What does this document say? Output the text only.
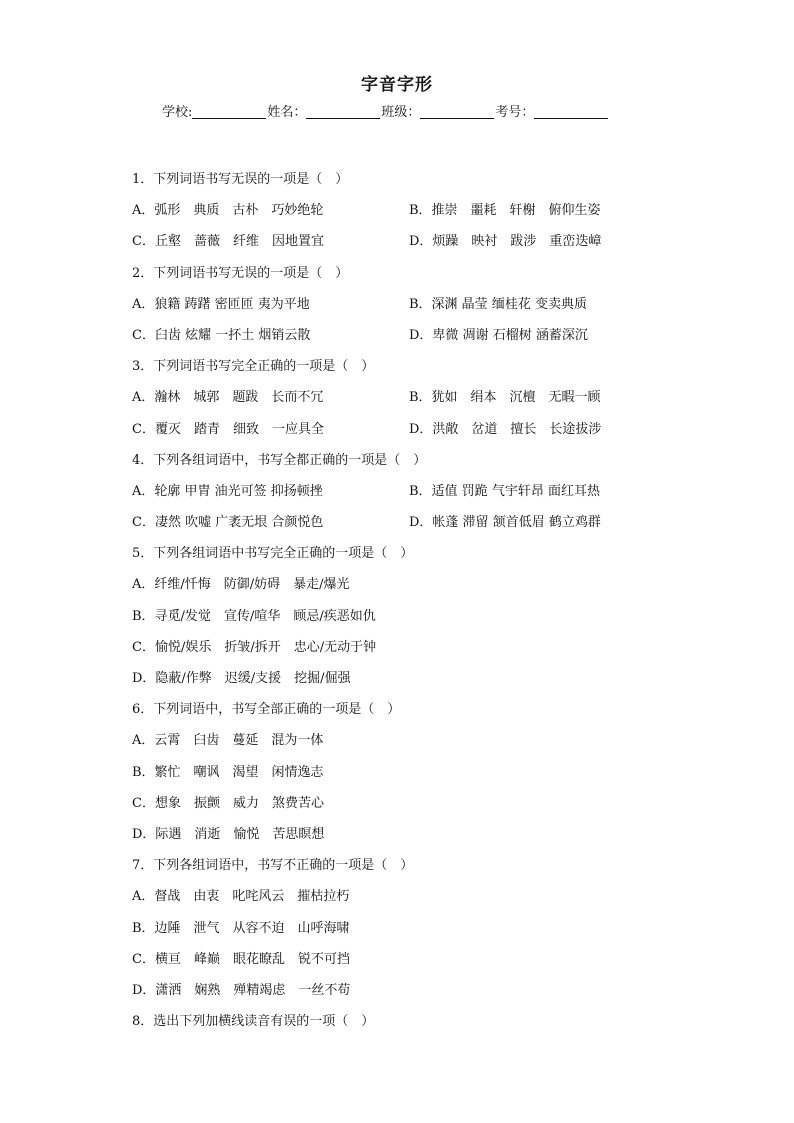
字音字形
学校:	姓名：	班级：	考号：
1．下列词语书写无误的一项是（　）
A．弧形　典质　古朴　巧妙绝轮	B．推崇　噩耗　轩榭　俯仰生姿
C．丘壑　蔷薇　纤维　因地置宜	D．烦躁　映衬　跋涉　重峦迭嶂
2．下列词语书写无误的一项是（　）
A．狼籍 踌躇 密匝匝 夷为平地	B．深渊 晶莹 缅桂花 变卖典质
C．臼齿 炫耀 一抔土 烟销云散	D．卑微 凋谢 石榴树 涵蓄深沉
3．下列词语书写完全正确的一项是（　）
A．瀚林　城郭　题跋　长而不冗	B．犹如　绢本　沉檀　无暇一顾
C．覆灭　踏青　细致　一应具全	D．洪敞　岔道　擅长　长途拔涉
4．下列各组词语中，书写全都正确的一项是（　）
A．轮廓 甲胄 油光可签 抑扬顿挫	B．适值 罚跪 气宇轩昂 面红耳热
C．凄然 吹嘘 广袤无垠 合颜悦色	D．帐蓬 滞留 颔首低眉 鹤立鸡群
5．下列各组词语中书写完全正确的一项是（　）
A．纤维/忏悔　防御/妨碍　暴走/爆光
B．寻觅/发觉　宣传/喧华　顾忌/疾恶如仇
C．愉悦/娱乐　折皱/拆开　忠心/无动于钟
D．隐蔽/作弊　迟缓/支援　挖掘/倔强
6．下列词语中，书写全部正确的一项是（　）
A．云霄　臼齿　蔓延　混为一体
B．繁忙　嘲讽　渴望　闲情逸志
C．想象　振颤　威力　煞费苦心
D．际遇　消逝　愉悦　苦思瞑想
7．下列各组词语中，书写不正确的一项是（　）
A．督战　由衷　叱咤风云　摧枯拉朽
B．边陲　泄气　从容不迫　山呼海啸
C．横亘　峰巅　眼花瞭乱　锐不可挡
D．潇洒　娴熟　殚精竭虑　一丝不苟
8．选出下列加横线读音有误的一项（　）
